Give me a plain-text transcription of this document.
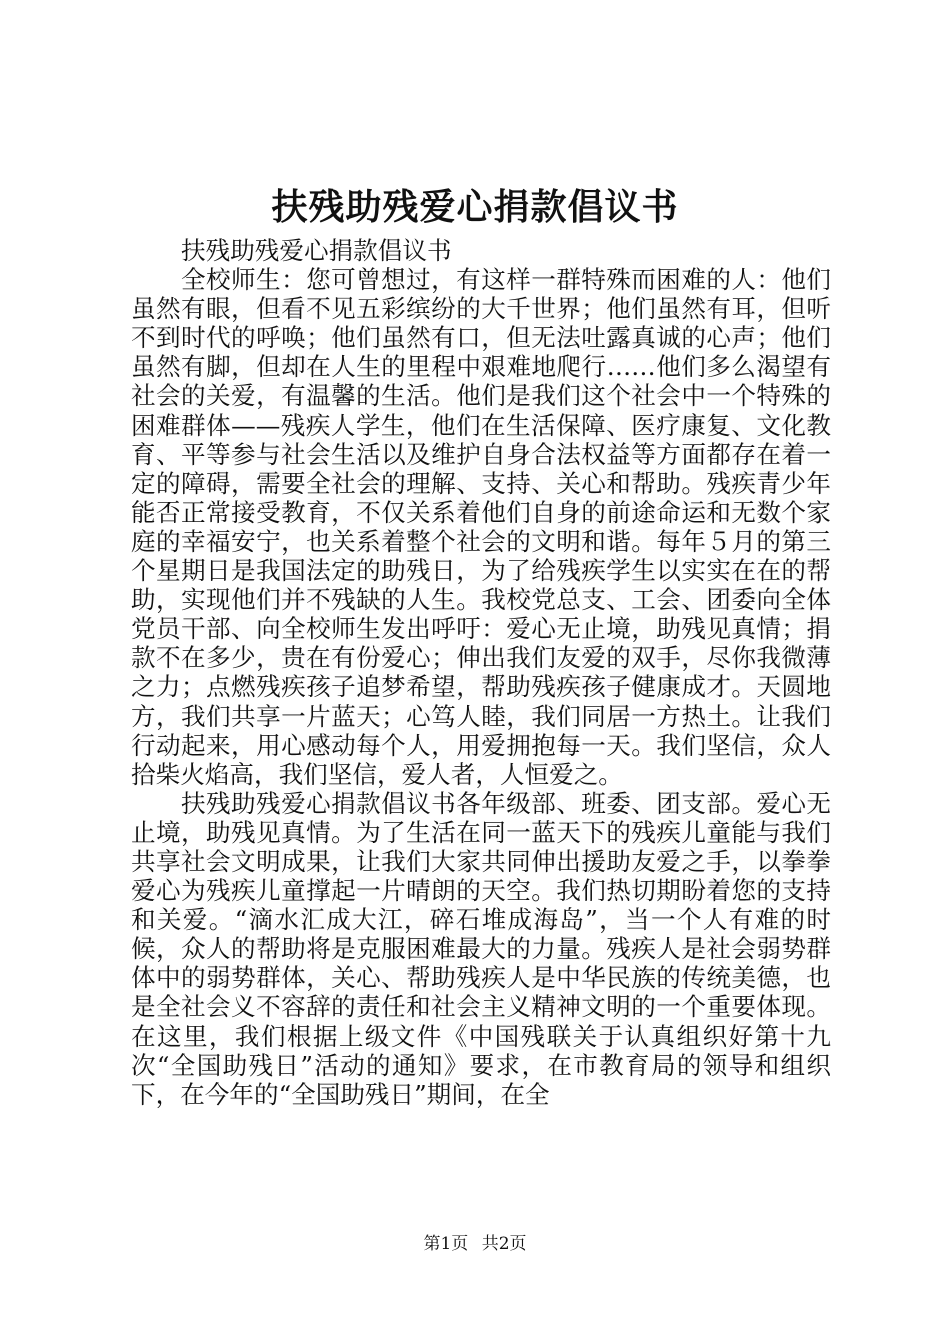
扶残助残爱心捐款倡议书

扶残助残爱心捐款倡议书

全校师生：您可曾想过，有这样一群特殊而困难的人：他们虽然有眼，但看不见五彩缤纷的大千世界；他们虽然有耳，但听不到时代的呼唤；他们虽然有口，但无法吐露真诚的心声；他们虽然有脚，但却在人生的里程中艰难地爬行……他们多么渴望有社会的关爱，有温馨的生活。他们是我们这个社会中一个特殊的困难群体——残疾人学生，他们在生活保障、医疗康复、文化教育、平等参与社会生活以及维护自身合法权益等方面都存在着一定的障碍，需要全社会的理解、支持、关心和帮助。残疾青少年能否正常接受教育，不仅关系着他们自身的前途命运和无数个家庭的幸福安宁，也关系着整个社会的文明和谐。每年５月的第三个星期日是我国法定的助残日，为了给残疾学生以实实在在的帮助，实现他们并不残缺的人生。我校党总支、工会、团委向全体党员干部、向全校师生发出呼吁：爱心无止境，助残见真情；捐款不在多少，贵在有份爱心；伸出我们友爱的双手，尽你我微薄之力；点燃残疾孩子追梦希望，帮助残疾孩子健康成才。天圆地方，我们共享一片蓝天；心笃人睦，我们同居一方热土。让我们行动起来，用心感动每个人，用爱拥抱每一天。我们坚信，众人拾柴火焰高，我们坚信，爱人者，人恒爱之。

扶残助残爱心捐款倡议书各年级部、班委、团支部。爱心无止境，助残见真情。为了生活在同一蓝天下的残疾儿童能与我们共享社会文明成果，让我们大家共同伸出援助友爱之手，以拳拳爱心为残疾儿童撑起一片晴朗的天空。我们热切期盼着您的支持和关爱。“滴水汇成大江，碎石堆成海岛”，当一个人有难的时候，众人的帮助将是克服困难最大的力量。残疾人是社会弱势群体中的弱势群体，关心、帮助残疾人是中华民族的传统美德，也是全社会义不容辞的责任和社会主义精神文明的一个重要体现。在这里，我们根据上级文件《中国残联关于认真组织好第十九次“全国助残日”活动的通知》要求，在市教育局的领导和组织下，在今年的“全国助残日”期间，在全

第1页 共2页
